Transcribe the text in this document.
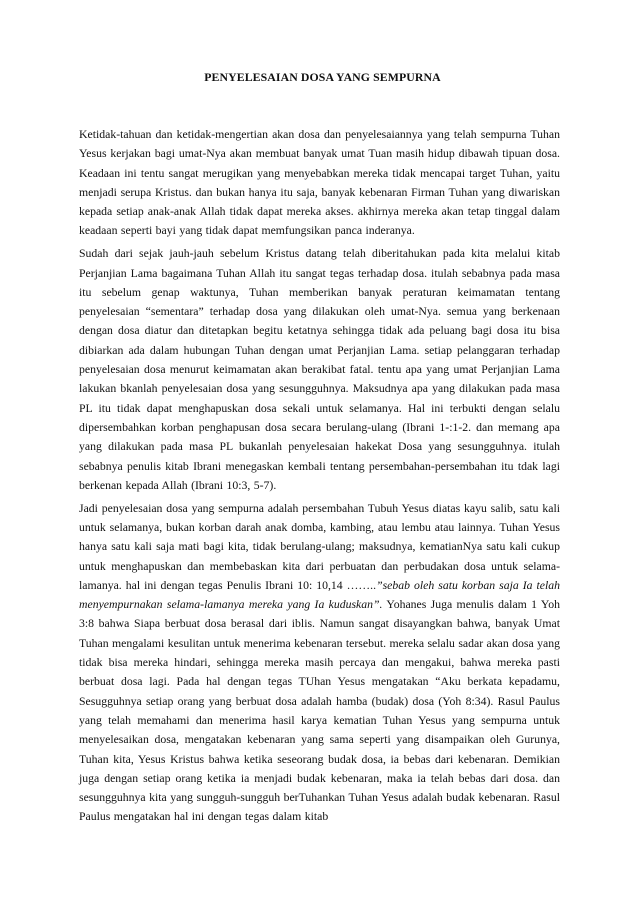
PENYELESAIAN DOSA YANG SEMPURNA

Ketidak-tahuan dan ketidak-mengertian akan dosa dan penyelesaiannya yang telah sempurna Tuhan Yesus kerjakan bagi umat-Nya akan membuat banyak umat Tuan masih hidup dibawah tipuan dosa. Keadaan ini tentu sangat merugikan yang menyebabkan mereka tidak mencapai target Tuhan, yaitu menjadi serupa Kristus. dan bukan hanya itu saja, banyak kebenaran Firman Tuhan yang diwariskan kepada setiap anak-anak Allah tidak dapat mereka akses. akhirnya mereka akan tetap tinggal dalam keadaan seperti bayi yang tidak dapat memfungsikan panca inderanya.

Sudah dari sejak jauh-jauh sebelum Kristus datang telah diberitahukan pada kita melalui kitab Perjanjian Lama bagaimana Tuhan Allah itu sangat tegas terhadap dosa. itulah sebabnya pada masa itu sebelum genap waktunya, Tuhan memberikan banyak peraturan keimamatan tentang penyelesaian “sementara” terhadap dosa yang dilakukan oleh umat-Nya. semua yang berkenaan dengan dosa diatur dan ditetapkan begitu ketatnya sehingga tidak ada peluang bagi dosa itu bisa dibiarkan ada dalam hubungan Tuhan dengan umat Perjanjian Lama. setiap pelanggaran terhadap penyelesaian dosa menurut keimamatan akan berakibat fatal. tentu apa yang umat Perjanjian Lama lakukan bkanlah penyelesaian dosa yang sesungguhnya. Maksudnya apa yang dilakukan pada masa PL itu tidak dapat menghapuskan dosa sekali untuk selamanya. Hal ini terbukti dengan selalu dipersembahkan korban penghapusan dosa secara berulang-ulang (Ibrani 1-:1-2. dan memang apa yang dilakukan pada masa PL bukanlah penyelesaian hakekat Dosa yang sesungguhnya. itulah sebabnya penulis kitab Ibrani menegaskan kembali tentang persembahan-persembahan itu tdak lagi berkenan kepada Allah (Ibrani 10:3, 5-7).

Jadi penyelesaian dosa yang sempurna adalah persembahan Tubuh Yesus diatas kayu salib, satu kali untuk selamanya, bukan korban darah anak domba, kambing, atau lembu atau lainnya. Tuhan Yesus hanya satu kali saja mati bagi kita, tidak berulang-ulang; maksudnya, kematianNya satu kali cukup untuk menghapuskan dan membebaskan kita dari perbuatan dan perbudakan dosa untuk selama-lamanya. hal ini dengan tegas Penulis Ibrani 10: 10,14 ……..”sebab oleh satu korban saja Ia telah menyempurnakan selama-lamanya mereka yang Ia kuduskan”. Yohanes Juga menulis dalam 1 Yoh 3:8 bahwa Siapa berbuat dosa berasal dari iblis. Namun sangat disayangkan bahwa, banyak Umat Tuhan mengalami kesulitan untuk menerima kebenaran tersebut. mereka selalu sadar akan dosa yang tidak bisa mereka hindari, sehingga mereka masih percaya dan mengakui, bahwa mereka pasti berbuat dosa lagi. Pada hal dengan tegas TUhan Yesus mengatakan “Aku berkata kepadamu, Sesugguhnya setiap orang yang berbuat dosa adalah hamba (budak) dosa (Yoh 8:34). Rasul Paulus yang telah memahami dan menerima hasil karya kematian Tuhan Yesus yang sempurna untuk menyelesaikan dosa, mengatakan kebenaran yang sama seperti yang disampaikan oleh Gurunya, Tuhan kita, Yesus Kristus bahwa ketika seseorang budak dosa, ia bebas dari kebenaran. Demikian juga dengan setiap orang ketika ia menjadi budak kebenaran, maka ia telah bebas dari dosa. dan sesungguhnya kita yang sungguh-sungguh berTuhankan Tuhan Yesus adalah budak kebenaran. Rasul Paulus mengatakan hal ini dengan tegas dalam kitab
